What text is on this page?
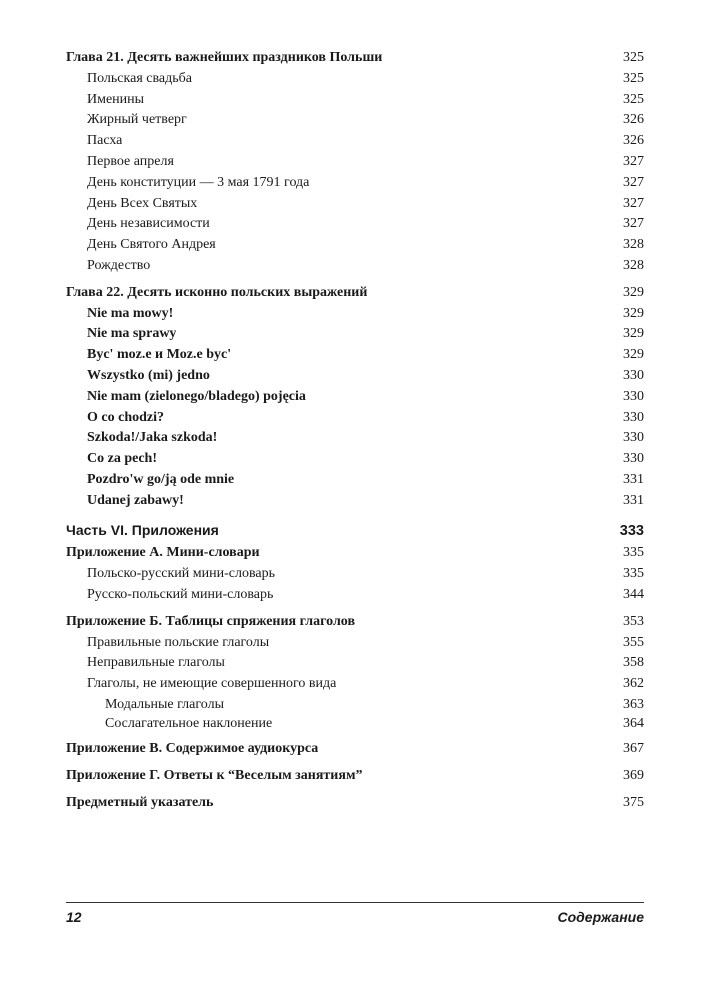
Глава 21. Десять важнейших праздников Польши	325
Польская свадьба	325
Именины	325
Жирный четверг	326
Пасха	326
Первое апреля	327
День конституции — 3 мая 1791 года	327
День Всех Святых	327
День независимости	327
День Святого Андрея	328
Рождество	328
Глава 22. Десять исконно польских выражений	329
Nie ma mowy!	329
Nie ma sprawy	329
Byc' moz.e и Moz.e byc'	329
Wszystko (mi) jedno	330
Nie mam (zielonego/bladego) pojęcia	330
O co chodzi?	330
Szkoda!/Jaka szkoda!	330
Co za pech!	330
Pozdro'w go/ją ode mnie	331
Udanej zabawy!	331
Часть VI. Приложения	333
Приложение А. Мини-словари	335
Польско-русский мини-словарь	335
Русско-польский мини-словарь	344
Приложение Б. Таблицы спряжения глаголов	353
Правильные польские глаголы	355
Неправильные глаголы	358
Глаголы, не имеющие совершенного вида	362
Модальные глаголы	363
Сослагательное наклонение	364
Приложение В. Содержимое аудиокурса	367
Приложение Г. Ответы к “Веселым занятиям”	369
Предметный указатель	375
12	Содержание
